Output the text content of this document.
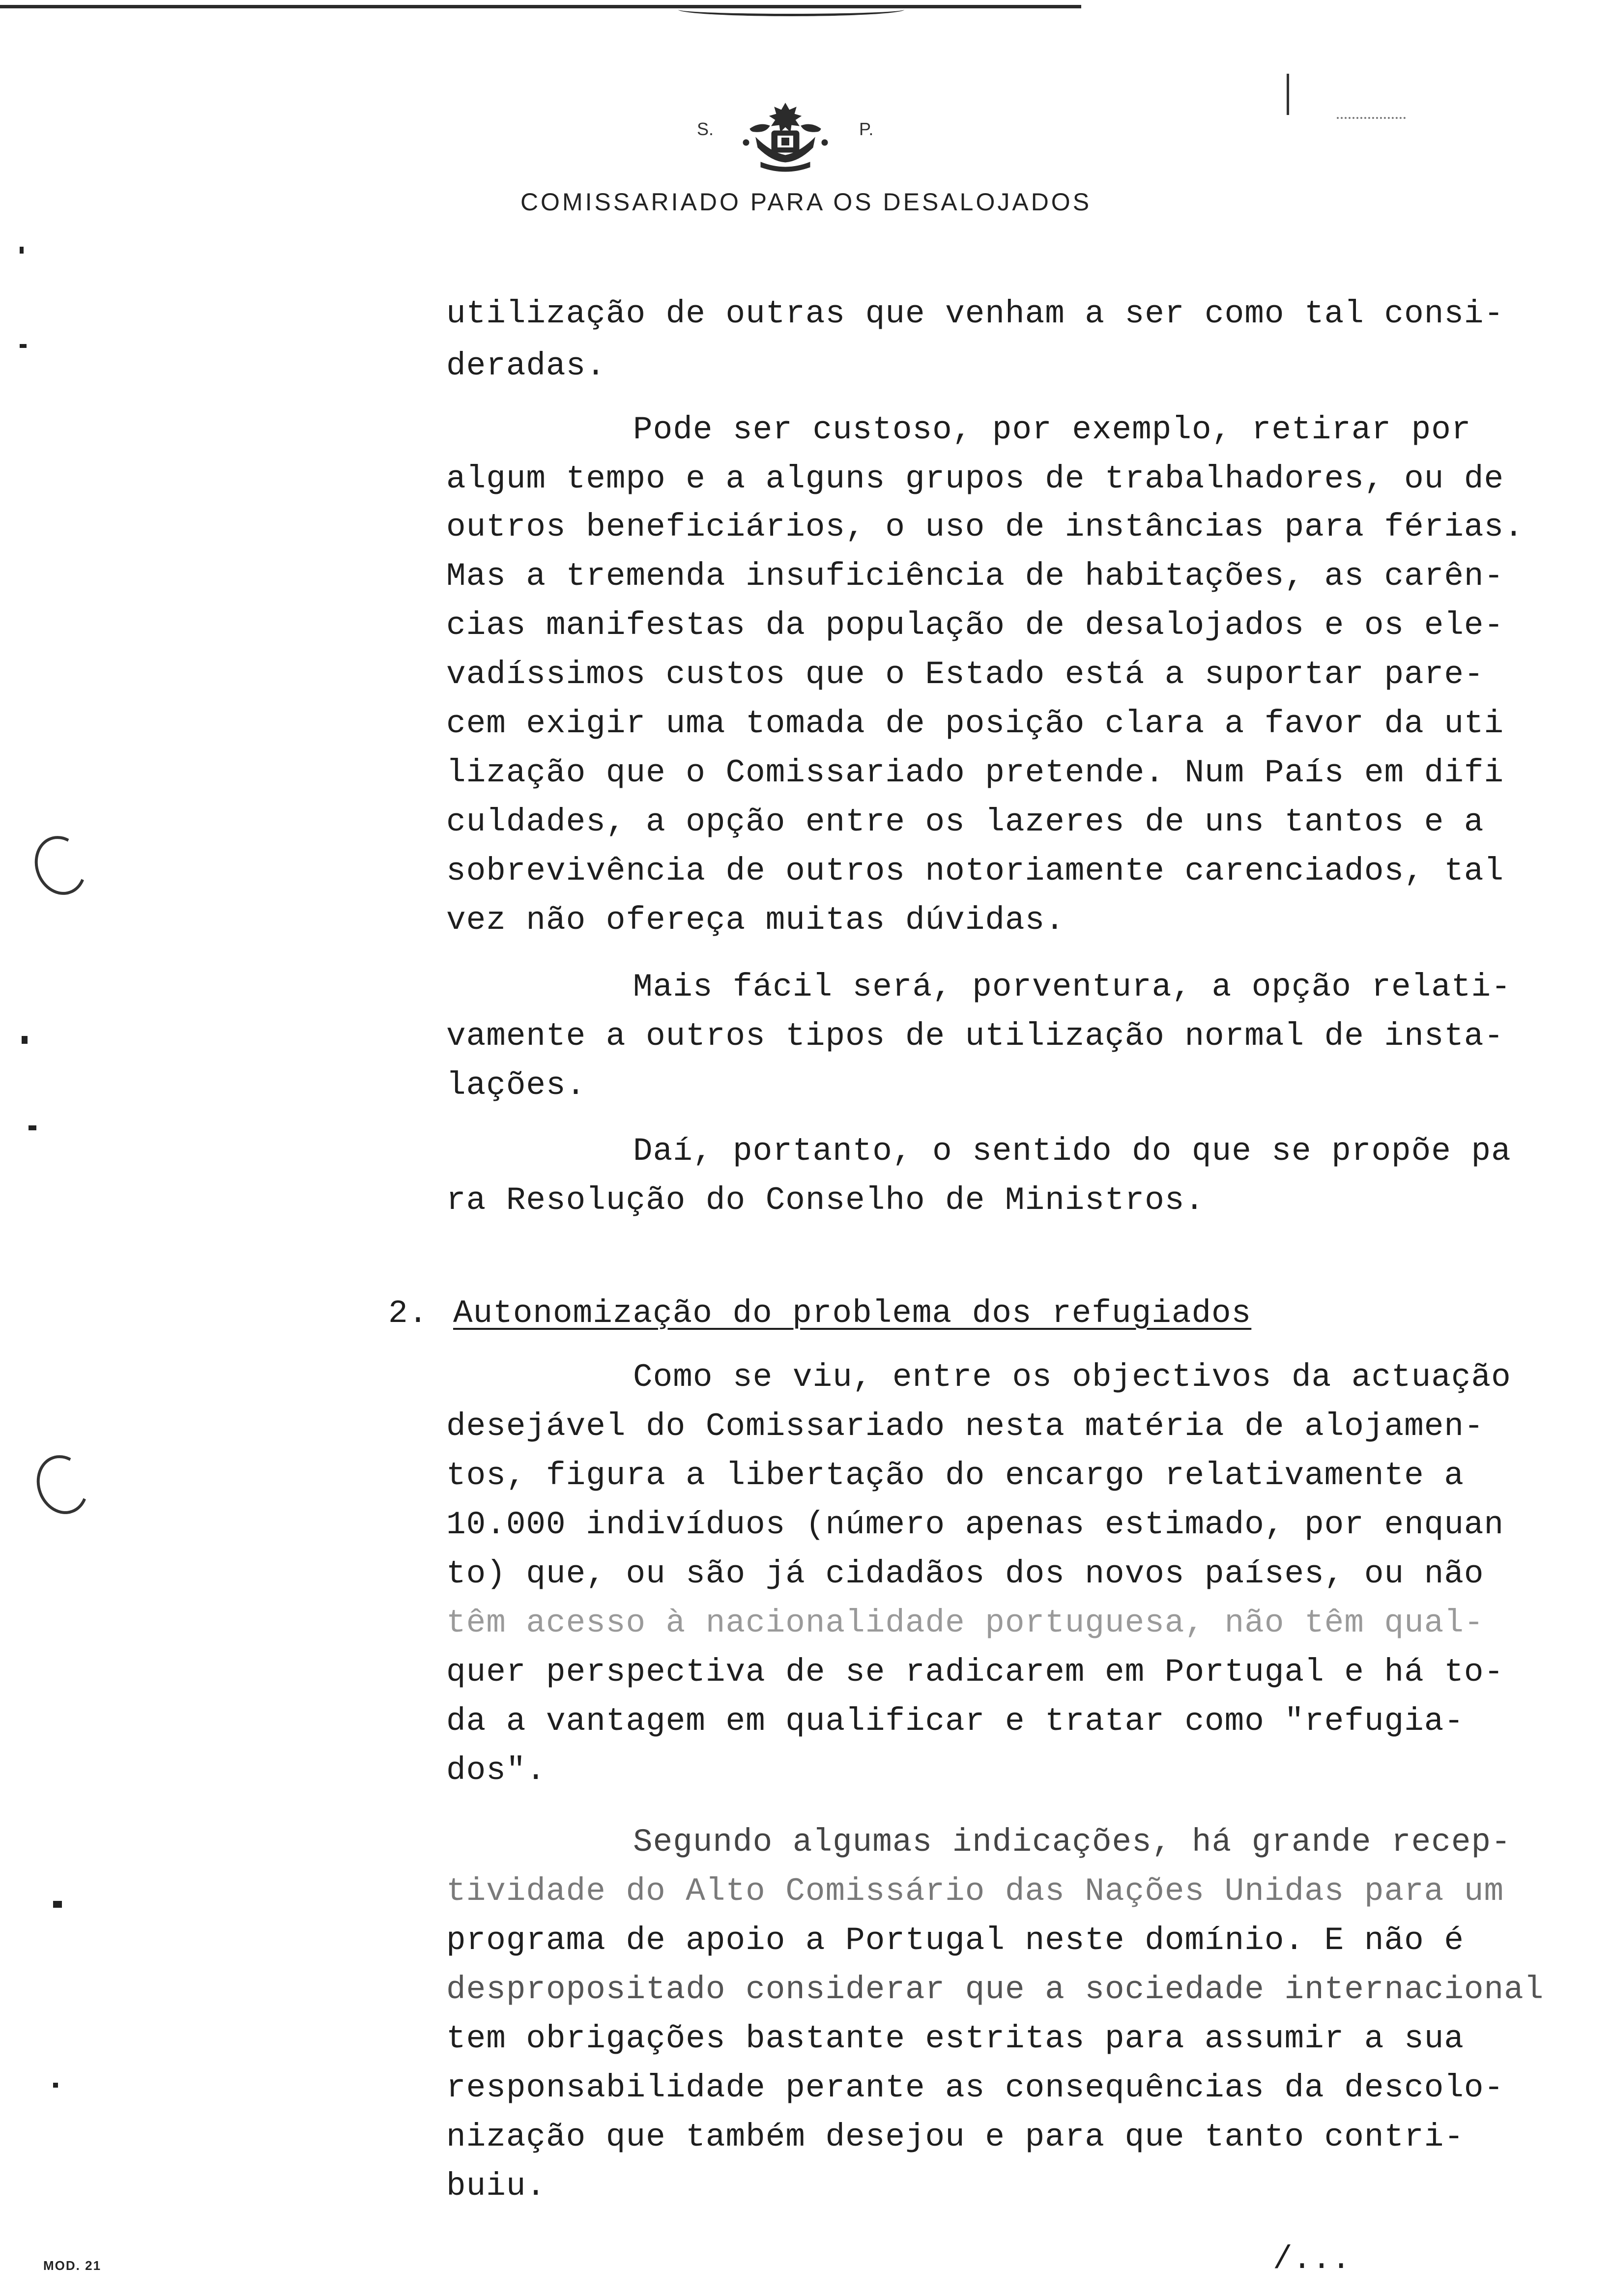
S.	P.
COMISSARIADO PARA OS DESALOJADOS

utilização de outras que venham a ser como tal consi-

deradas.

Pode ser custoso, por exemplo, retirar por

algum tempo e a alguns grupos de trabalhadores, ou de

outros beneficiários, o uso de instâncias para férias.

Mas a tremenda insuficiência de habitações, as carên-

cias manifestas da população de desalojados e os ele-

vadíssimos custos que o Estado está a suportar pare-

cem exigir uma tomada de posição clara a favor da uti

lização que o Comissariado pretende. Num País em difi

culdades, a opção entre os lazeres de uns tantos e a

sobrevivência de outros notoriamente carenciados, tal

vez não ofereça muitas dúvidas.

Mais fácil será, porventura, a opção relati-

vamente a outros tipos de utilização normal de insta-

lações.

Daí, portanto, o sentido do que se propõe pa

ra Resolução do Conselho de Ministros.

2. Autonomização do problema dos refugiados

Como se viu, entre os objectivos da actuação

desejável do Comissariado nesta matéria de alojamen-

tos, figura a libertação do encargo relativamente a

10.000 indivíduos (número apenas estimado, por enquan

to) que, ou são já cidadãos dos novos países, ou não

têm acesso à nacionalidade portuguesa, não têm qual-

quer perspectiva de se radicarem em Portugal e há to-

da a vantagem em qualificar e tratar como "refugia-

dos".

Segundo algumas indicações, há grande recep-

tividade do Alto Comissário das Nações Unidas para um

programa de apoio a Portugal neste domínio. E não é

despropositado considerar que a sociedade internacional

tem obrigações bastante estritas para assumir a sua

responsabilidade perante as consequências da descolo-

nização que também desejou e para que tanto contri-

buiu.

MOD. 21	/...
